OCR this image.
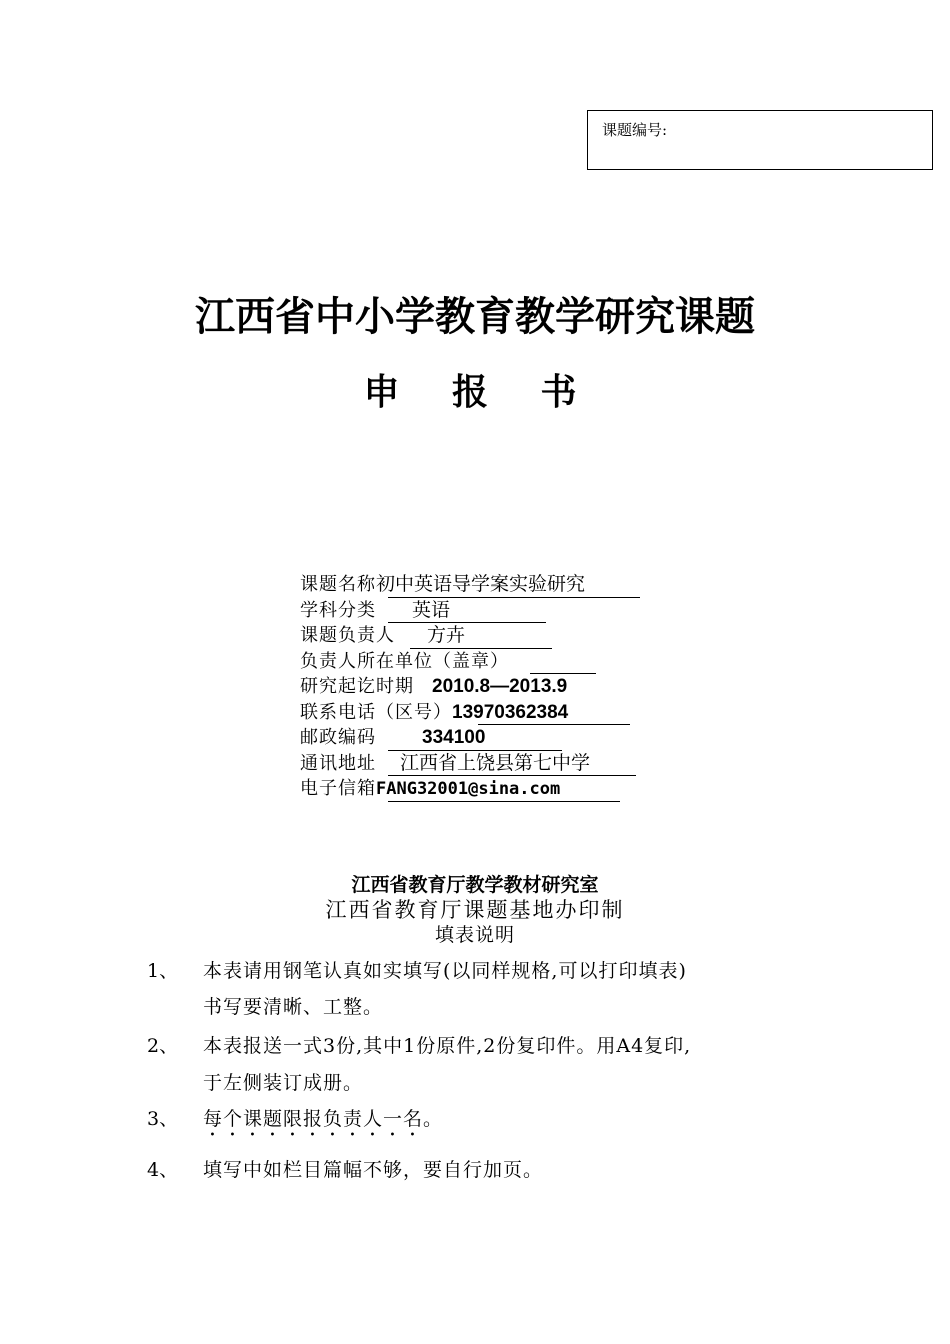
课题编号:
江西省中小学教育教学研究课题
申 报 书
课题名称初中英语导学案实验研究
学科分类 英语
课题负责人 方卉
负责人所在单位（盖章）
研究起讫时期 2010.8—2013.9
联系电话（区号）13970362384
邮政编码 334100
通讯地址 江西省上饶县第七中学
电子信箱FANG32001@sina.com
江西省教育厅教学教材研究室
江西省教育厅课题基地办印制
填表说明
1、 本表请用钢笔认真如实填写(以同样规格,可以打印填表)
书写要清晰、工整。
2、 本表报送一式3份,其中1份原件,2份复印件。用A4复印,
于左侧装订成册。
3、 每个课题限报负责人一名。
4、 填写中如栏目篇幅不够，要自行加页。
